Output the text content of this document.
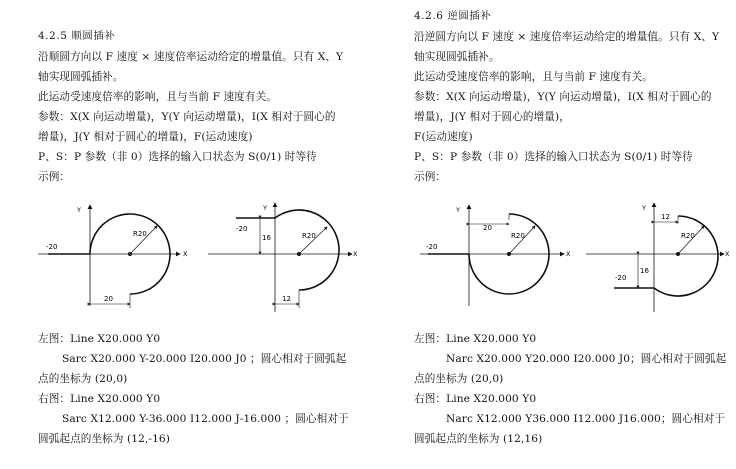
4.2.5 顺圆插补
沿顺圆方向以 F 速度 × 速度倍率运动给定的增量值。只有 X、Y
轴实现圆弧插补。
此运动受速度倍率的影响，且与当前 F 速度有关。
参数：X(X 向运动增量)，Y(Y 向运动增量)，I(X 相对于圆心的
增量)，J(Y 相对于圆心的增量)，F(运动速度)
P、S：P 参数（非 0）选择的输入口状态为 S(0/1) 时等待
示例：
X
Y
R20
-20
20
X
Y
R20
-20
16
12
左图：Line X20.000 Y0
Sarc X20.000 Y-20.000 I20.000 J0 ；圆心相对于圆弧起
点的坐标为 (20,0)
右图：Line X20.000 Y0
Sarc X12.000 Y-36.000 I12.000 J-16.000 ；圆心相对于
圆弧起点的坐标为 (12,-16)
4.2.6 逆圆插补
沿逆圆方向以 F 速度 × 速度倍率运动给定的增量值。只有 X、Y
轴实现圆弧插补。
此运动受速度倍率的影响，且与当前 F 速度有关。
参数：X(X 向运动增量)，Y(Y 向运动增量)，I(X 相对于圆心的
增量)，J(Y 相对于圆心的增量)，
F(运动速度)
P、S：P 参数（非 0）选择的输入口状态为 S(0/1) 时等待
示例：
X
Y
R20
-20
20
X
Y
R20
-20
16
12
左图：Line X20.000 Y0
Narc X20.000 Y20.000 I20.000 J0；圆心相对于圆弧起
点的坐标为 (20,0)
右图：Line X20.000 Y0
Narc X12.000 Y36.000 I12.000 J16.000；圆心相对于
圆弧起点的坐标为 (12,16)
